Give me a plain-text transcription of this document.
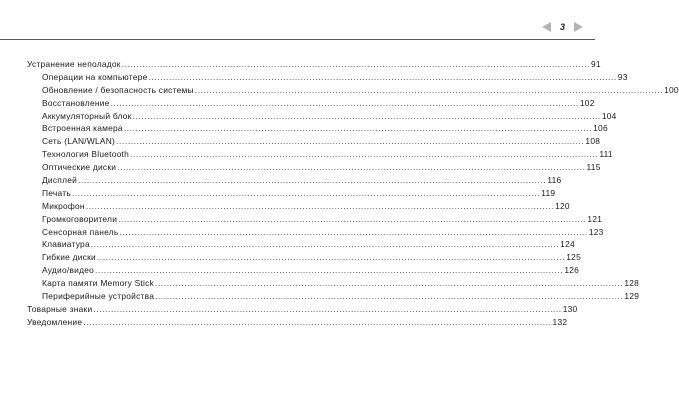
3
Устранение неполадок ................................................................................................................................................................ 91
Операции на компьютере ................................................................................................................................................................ 93
Обновление / безопасность системы ................................................................................................................................................................ 100
Восстановление ................................................................................................................................................................ 102
Аккумуляторный блок ................................................................................................................................................................ 104
Встроенная камера ................................................................................................................................................................ 106
Сеть (LAN/WLAN) ................................................................................................................................................................ 108
Технология Bluetooth ................................................................................................................................................................ 111
Оптические диски ................................................................................................................................................................ 115
Дисплей ................................................................................................................................................................ 116
Печать ................................................................................................................................................................ 119
Микрофон ................................................................................................................................................................ 120
Громкоговорители ................................................................................................................................................................ 121
Сенсорная панель ................................................................................................................................................................ 123
Клавиатура ................................................................................................................................................................ 124
Гибкие диски ................................................................................................................................................................ 125
Аудио/видео ................................................................................................................................................................ 126
Карта памяти Memory Stick ................................................................................................................................................................ 128
Периферийные устройства ................................................................................................................................................................ 129
Товарные знаки ................................................................................................................................................................ 130
Уведомление ................................................................................................................................................................ 132
